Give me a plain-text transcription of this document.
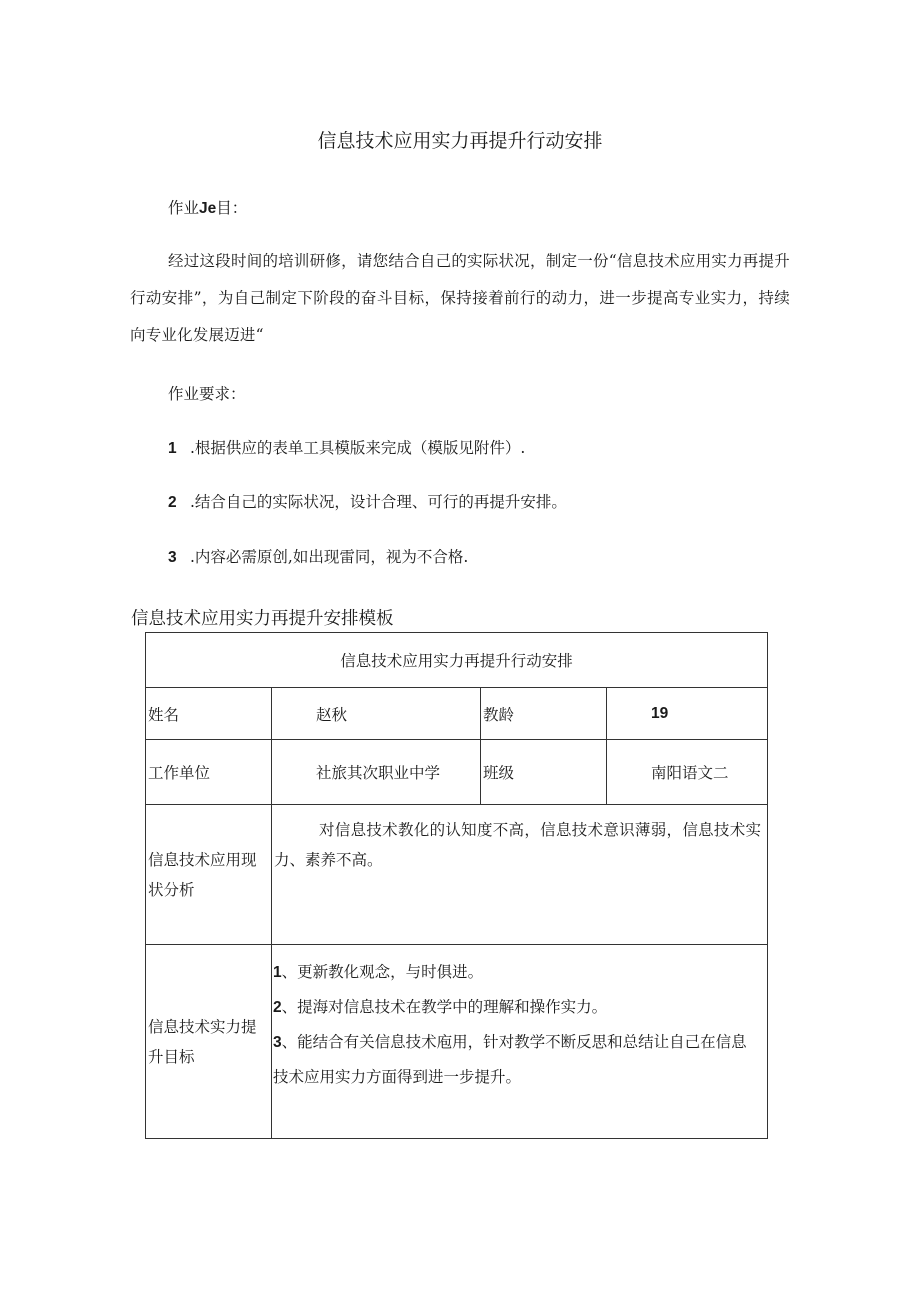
信息技术应用实力再提升行动安排
作业Je目：
经过这段时间的培训研修，请您结合自己的实际状况，制定一份“信息技术应用实力再提升行动安排”，为自己制定下阶段的奋斗目标，保持接着前行的动力，进一步提高专业实力，持续向专业化发展迈进“
作业要求：
1 .根据供应的表单工具模版来完成（模版见附件）.
2 .结合自己的实际状况，设计合理、可行的再提升安排。
3 .内容必需原创,如出现雷同，视为不合格.
信息技术应用实力再提升安排模板
信息技术应用实力再提升行动安排			
姓名	赵秋	教龄	19
工作单位	社旅其次职业中学	班级	南阳语文二
信息技术应用现状分析	对信息技术教化的认知度不高，信息技术意识薄弱，信息技术实力、素养不高。		
信息技术实力提升目标	1、更新教化观念，与时俱进。
2、提海对信息技术在教学中的理解和操作实力。
3、能结合有关信息技术庖用，针对教学不断反思和总结让自己在信息技术应用实力方面得到进一步提升。		
